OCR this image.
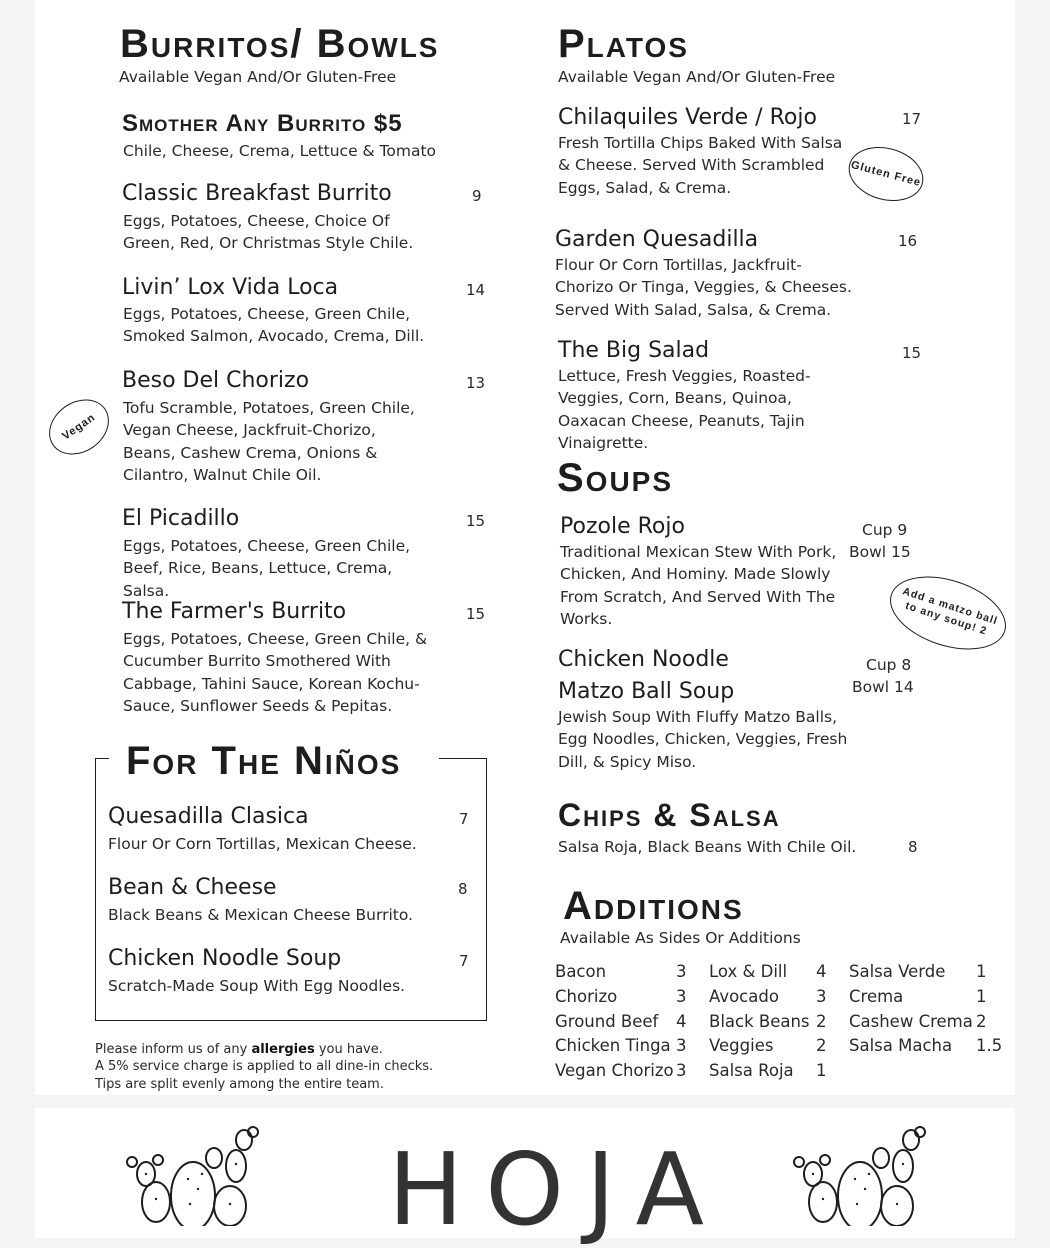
Burritos/ Bowls
Available Vegan And/Or Gluten-Free
Smother Any Burrito $5
Chile, Cheese, Crema, Lettuce & Tomato
Classic Breakfast Burrito	9
Eggs, Potatoes, Cheese, Choice Of Green, Red, Or Christmas Style Chile.
Livin’ Lox Vida Loca	14
Eggs, Potatoes, Cheese, Green Chile, Smoked Salmon, Avocado, Crema, Dill.
Beso Del Chorizo	13
Tofu Scramble, Potatoes, Green Chile, Vegan Cheese, Jackfruit-Chorizo, Beans, Cashew Crema, Onions & Cilantro, Walnut Chile Oil.
Vegan
El Picadillo	15
Eggs, Potatoes, Cheese, Green Chile, Beef, Rice, Beans, Lettuce, Crema, Salsa.
The Farmer's Burrito	15
Eggs, Potatoes, Cheese, Green Chile, & Cucumber Burrito Smothered With Cabbage, Tahini Sauce, Korean Kochu-Sauce, Sunflower Seeds & Pepitas.
For The Niños
Quesadilla Clasica	7
Flour Or Corn Tortillas, Mexican Cheese.
Bean & Cheese	8
Black Beans & Mexican Cheese Burrito.
Chicken Noodle Soup	7
Scratch-Made Soup With Egg Noodles.
Please inform us of any allergies you have.
A 5% service charge is applied to all dine-in checks.
Tips are split evenly among the entire team.
Platos
Available Vegan And/Or Gluten-Free
Chilaquiles Verde / Rojo	17
Fresh Tortilla Chips Baked With Salsa & Cheese. Served With Scrambled Eggs, Salad, & Crema.	Gluten Free
Garden Quesadilla	16
Flour Or Corn Tortillas, Jackfruit-Chorizo Or Tinga, Veggies, & Cheeses. Served With Salad, Salsa, & Crema.
The Big Salad	15
Lettuce, Fresh Veggies, Roasted-Veggies, Corn, Beans, Quinoa, Oaxacan Cheese, Peanuts, Tajin Vinaigrette.
Soups
Pozole Rojo	Cup 9
Bowl 15
Traditional Mexican Stew With Pork, Chicken, And Hominy. Made Slowly From Scratch, And Served With The Works.	Add a matzo ball to any soup! 2
Chicken Noodle
Matzo Ball Soup
Cup 8
Bowl 14
Jewish Soup With Fluffy Matzo Balls, Egg Noodles, Chicken, Veggies, Fresh Dill, & Spicy Miso.
Chips & Salsa
Salsa Roja, Black Beans With Chile Oil.	8
Additions
Available As Sides Or Additions
Bacon	3
Chorizo	3
Ground Beef 4
Chicken Tinga 3
Vegan Chorizo 3
Lox & Dill 4
Avocado 3
Black Beans 2
Veggies	2
Salsa Roja 1
Salsa Verde 1
Crema	1
Cashew Crema 2
Salsa Macha 1.5
HOJA
